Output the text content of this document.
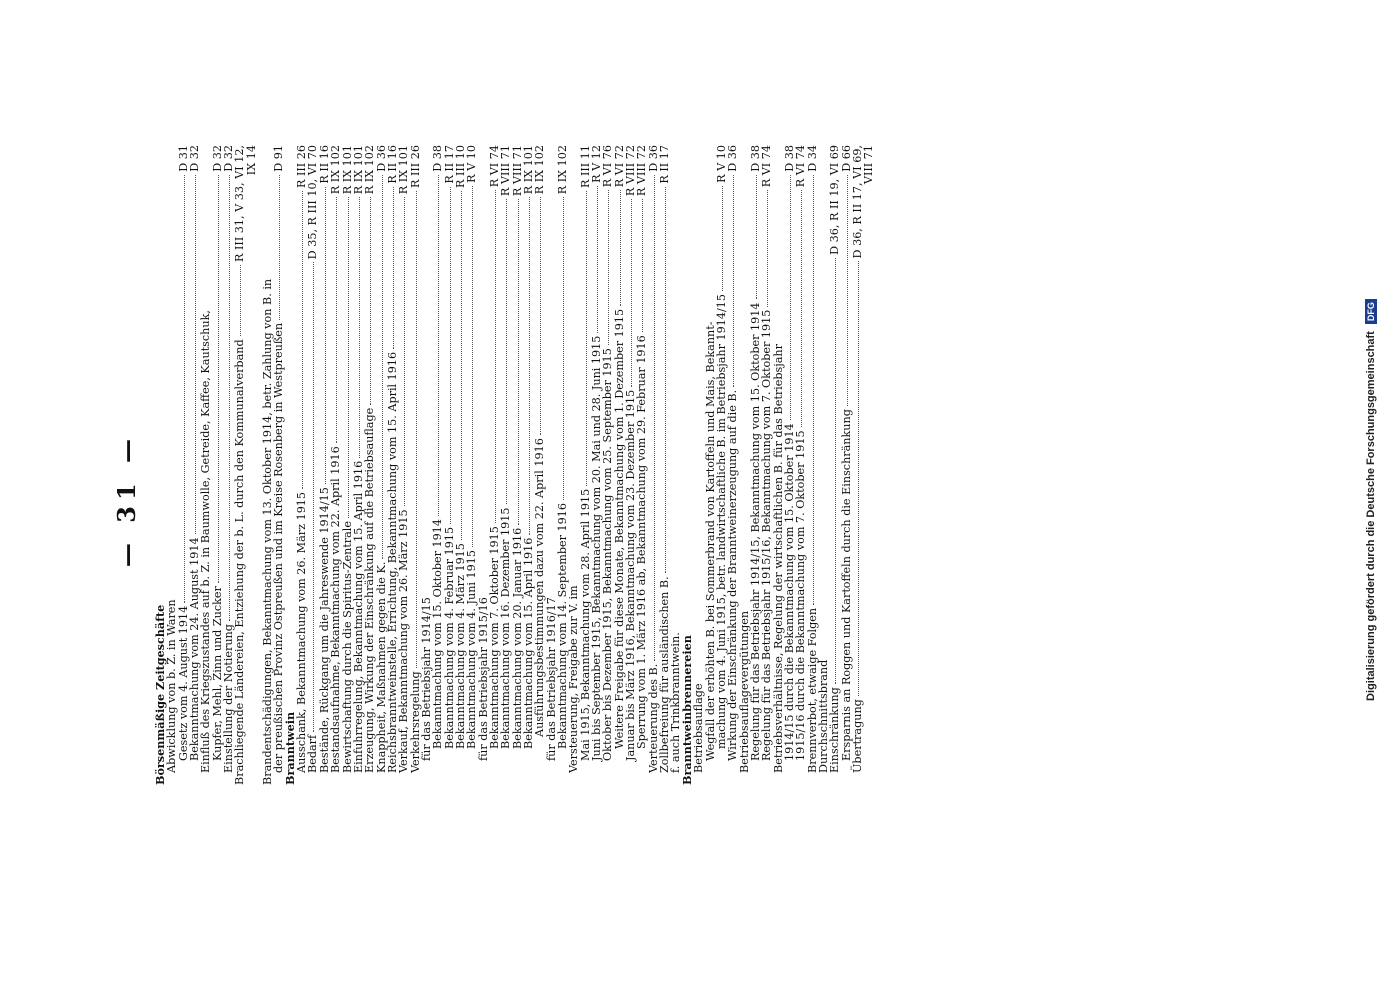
— 31 —
Börsenmäßige Zeitgeschäfte
Abwicklung von b. Z. in Waren
Gesetz vom 4. August 1914
D 31
Bekanntmachung vom 24. August 1914
D 32
Einfluß des Kriegszustandes auf b. Z. in Baumwolle, Getreide, Kaffee, Kautschuk,
Kupfer, Mehl, Zinn und Zucker
D 32
Einstellung der Notierung
D 32
Brachliegende Ländereien, Entziehung der b. L. durch den Kommunalverband
R III 31, V 33, VI 12,
IX 14
Brandentschädigungen, Bekanntmachung vom 13. Oktober 1914, betr. Zahlung von B. in
der preußischen Provinz Ostpreußen und im Kreise Rosenberg in Westpreußen
D 91
Branntwein
Ausschank, Bekanntmachung vom 26. März 1915
R III 26
Bedarf
D 35, R III 10, VI 70
Bestände, Rückgang um die Jahreswende 1914/15
R II 16
Bestandsaufnahme, Bekanntmachung vom 22. April 1916
R IX 102
Bewirtschaftung durch die Spiritus-Zentrale
R IX 101
Einfuhrregelung, Bekanntmachung vom 15. April 1916
R IX 101
Erzeugung, Wirkung der Einschränkung auf die Betriebsauflage
R IX 102
Knappheit, Maßnahmen gegen die K.
D 36
Reichsbranntweinstelle, Errichtung, Bekanntmachung vom 15. April 1916
R II 16
Verkauf, Bekanntmachung vom 26. März 1915
R IX 101
Verkehrsregelung
R III 26
für das Betriebsjahr 1914/15
Bekanntmachung vom 15. Oktober 1914
D 38
Bekanntmachung vom 4. Februar 1915
R II 17
Bekanntmachung vom 4. März 1915
R III 10
Bekanntmachung vom 4. Juni 1915
R V 10
für das Betriebsjahr 1915/16
Bekanntmachung vom 7. Oktober 1915
R VI 74
Bekanntmachung vom 16. Dezember 1915
R VIII 71
Bekanntmachung vom 20. Januar 1916
R VIII 71
Bekanntmachung vom 15. April 1916
R IX 101
Ausführungsbestimmungen dazu vom 22. April 1916
R IX 102
für das Betriebsjahr 1916/17
Bekanntmachung vom 14. September 1916
R IX 102
Versteuerung, Freigabe zur V. im
Mai 1915, Bekanntmachung vom 28. April 1915
R III 11
Juni bis September 1915, Bekanntmachung vom 20. Mai und 28. Juni 1915
R V 12
Oktober bis Dezember 1915, Bekanntmachung vom 25. September 1915
R VI 76
Weitere Freigabe für diese Monate, Bekanntmachung vom 1. Dezember 1915
R VI 72
Januar bis März 1916, Bekanntmachung vom 23. Dezember 1915
R VIII 72
Sperrung vom 1. März 1916 ab, Bekanntmachung vom 29. Februar 1916
R VIII 72
Verteuerung des B.
D 36
Zollbefreiung für ausländischen B.
R II 17
f. auch Trinkbranntwein.
Branntweinbrennereien
Betriebsauflage
Wegfall der erhöhten B. bei Sommerbrand von Kartoffeln und Mais, Bekannt-
machung vom 4. Juni 1915, betr. landwirtschaftliche B. im Betriebsjahr 1914/15
R V 10
Wirkung der Einschränkung der Branntweinerzeugung auf die B.
D 36
Betriebsauflagevergütungen
Regelung für das Betriebsjahr 1914/15, Bekanntmachung vom 15. Oktober 1914
D 38
Regelung für das Betriebsjahr 1915/16, Bekanntmachung vom 7. Oktober 1915
R VI 74
Betriebsverhältnisse, Regelung der wirtschaftlichen B. für das Betriebsjahr
1914/15 durch die Bekanntmachung vom 15. Oktober 1914
D 38
1915/16 durch die Bekanntmachung vom 7. Oktober 1915
R VI 74
Brennverbot, etwaige Folgen
D 34
Durchschnittsbrand
Einschränkung
D 36, R II 19, VI 69
Ersparnis an Roggen und Kartoffeln durch die Einschränkung
D 66
Übertragung
D 36, R II 17, VI 69,
VIII 71
Digitalisierung gefördert durch die Deutsche Forschungsgemeinschaft DFG
